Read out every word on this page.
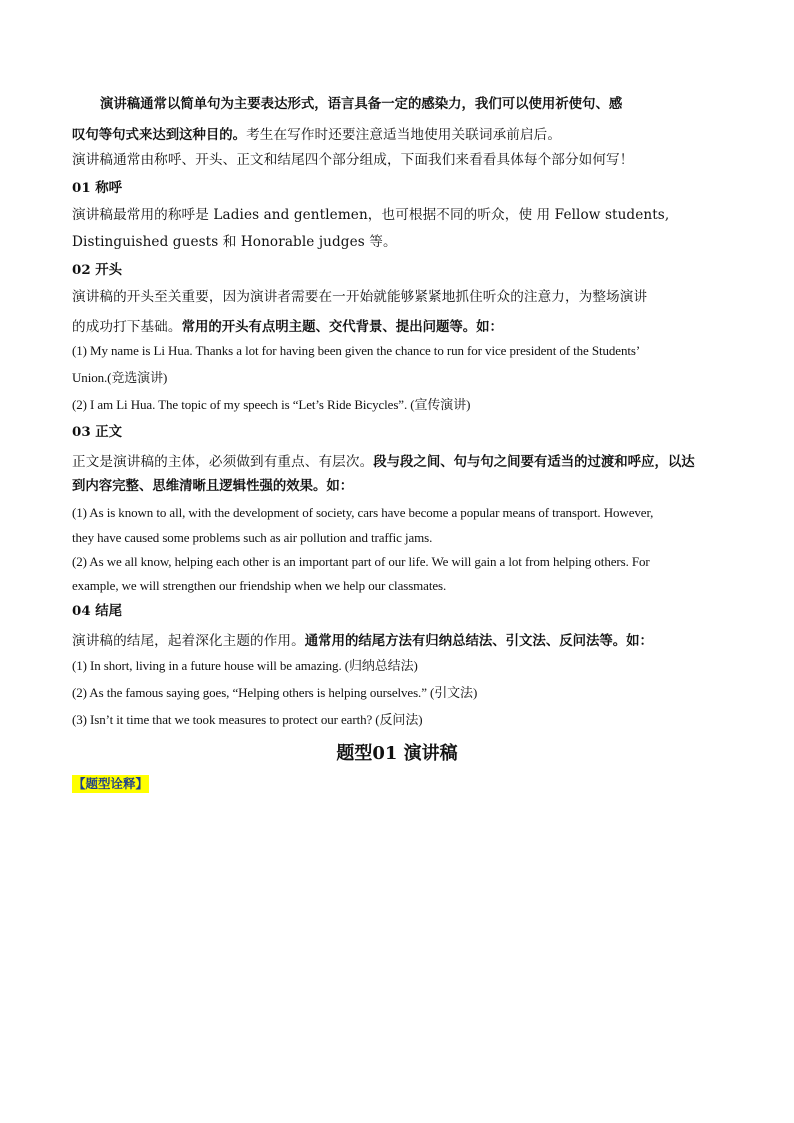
演讲稿通常以简单句为主要表达形式，语言具备一定的感染力，我们可以使用祈使句、感
叹句等句式来达到这种目的。考生在写作时还要注意适当地使用关联词承前启后。
演讲稿通常由称呼、开头、正文和结尾四个部分组成，下面我们来看看具体每个部分如何写！
01 称呼
演讲稿最常用的称呼是 Ladies and gentlemen，也可根据不同的听众，使 用 Fellow students,
Distinguished guests 和 Honorable judges 等。
02 开头
演讲稿的开头至关重要，因为演讲者需要在一开始就能够紧紧地抓住听众的注意力，为整场演讲
的成功打下基础。常用的开头有点明主题、交代背景、提出问题等。如：
(1) My name is Li Hua. Thanks a lot for having been given the chance to run for vice president of the Students’
Union.(竞选演讲)
(2) I am Li Hua. The topic of my speech is “Let’s Ride Bicycles”. (宣传演讲)
03 正文
正文是演讲稿的主体，必须做到有重点、有层次。段与段之间、句与句之间要有适当的过渡和呼应，以达
到内容完整、思维清晰且逻辑性强的效果。如：
(1) As is known to all, with the development of society, cars have become a popular means of transport. However,
they have caused some problems such as air pollution and traffic jams.
(2) As we all know, helping each other is an important part of our life. We will gain a lot from helping others. For
example, we will strengthen our friendship when we help our classmates.
04 结尾
演讲稿的结尾，起着深化主题的作用。通常用的结尾方法有归纳总结法、引文法、反问法等。如：
(1) In short, living in a future house will be amazing. (归纳总结法)
(2) As the famous saying goes, “Helping others is helping ourselves.” (引文法)
(3) Isn’t it time that we took measures to protect our earth? (反问法)
题型01 演讲稿
【题型诠释】
